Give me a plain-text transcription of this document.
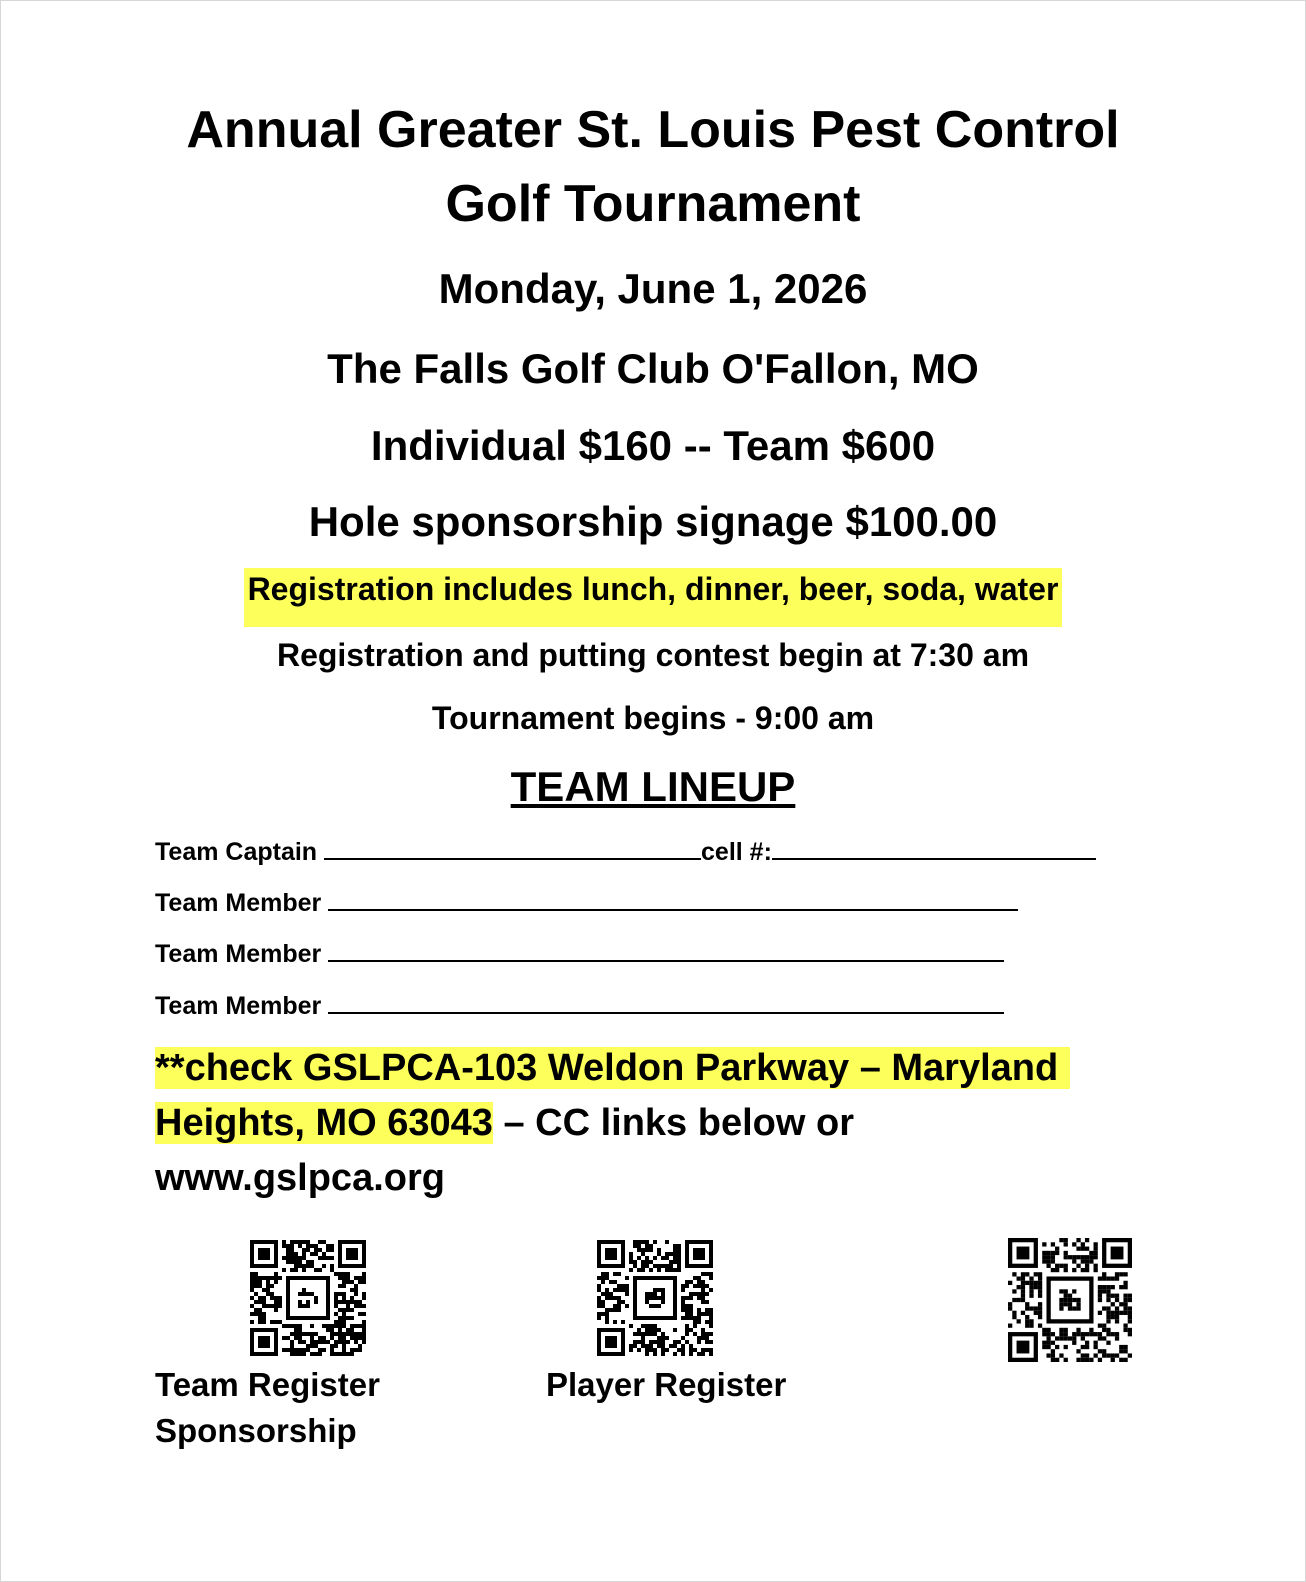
Annual Greater St. Louis Pest Control
Golf Tournament
Monday, June 1, 2026
The Falls Golf Club O'Fallon, MO
Individual $160 -- Team $600
Hole sponsorship signage $100.00
Registration includes lunch, dinner, beer, soda, water
Registration and putting contest begin at 7:30 am
Tournament begins - 9:00 am
TEAM LINEUP
Team Captain	cell #:
Team Member
Team Member
Team Member
**check GSLPCA-103 Weldon Parkway – Maryland
Heights, MO 63043 – CC links below or
www.gslpca.org
Team Register
Sponsorship
Player Register
